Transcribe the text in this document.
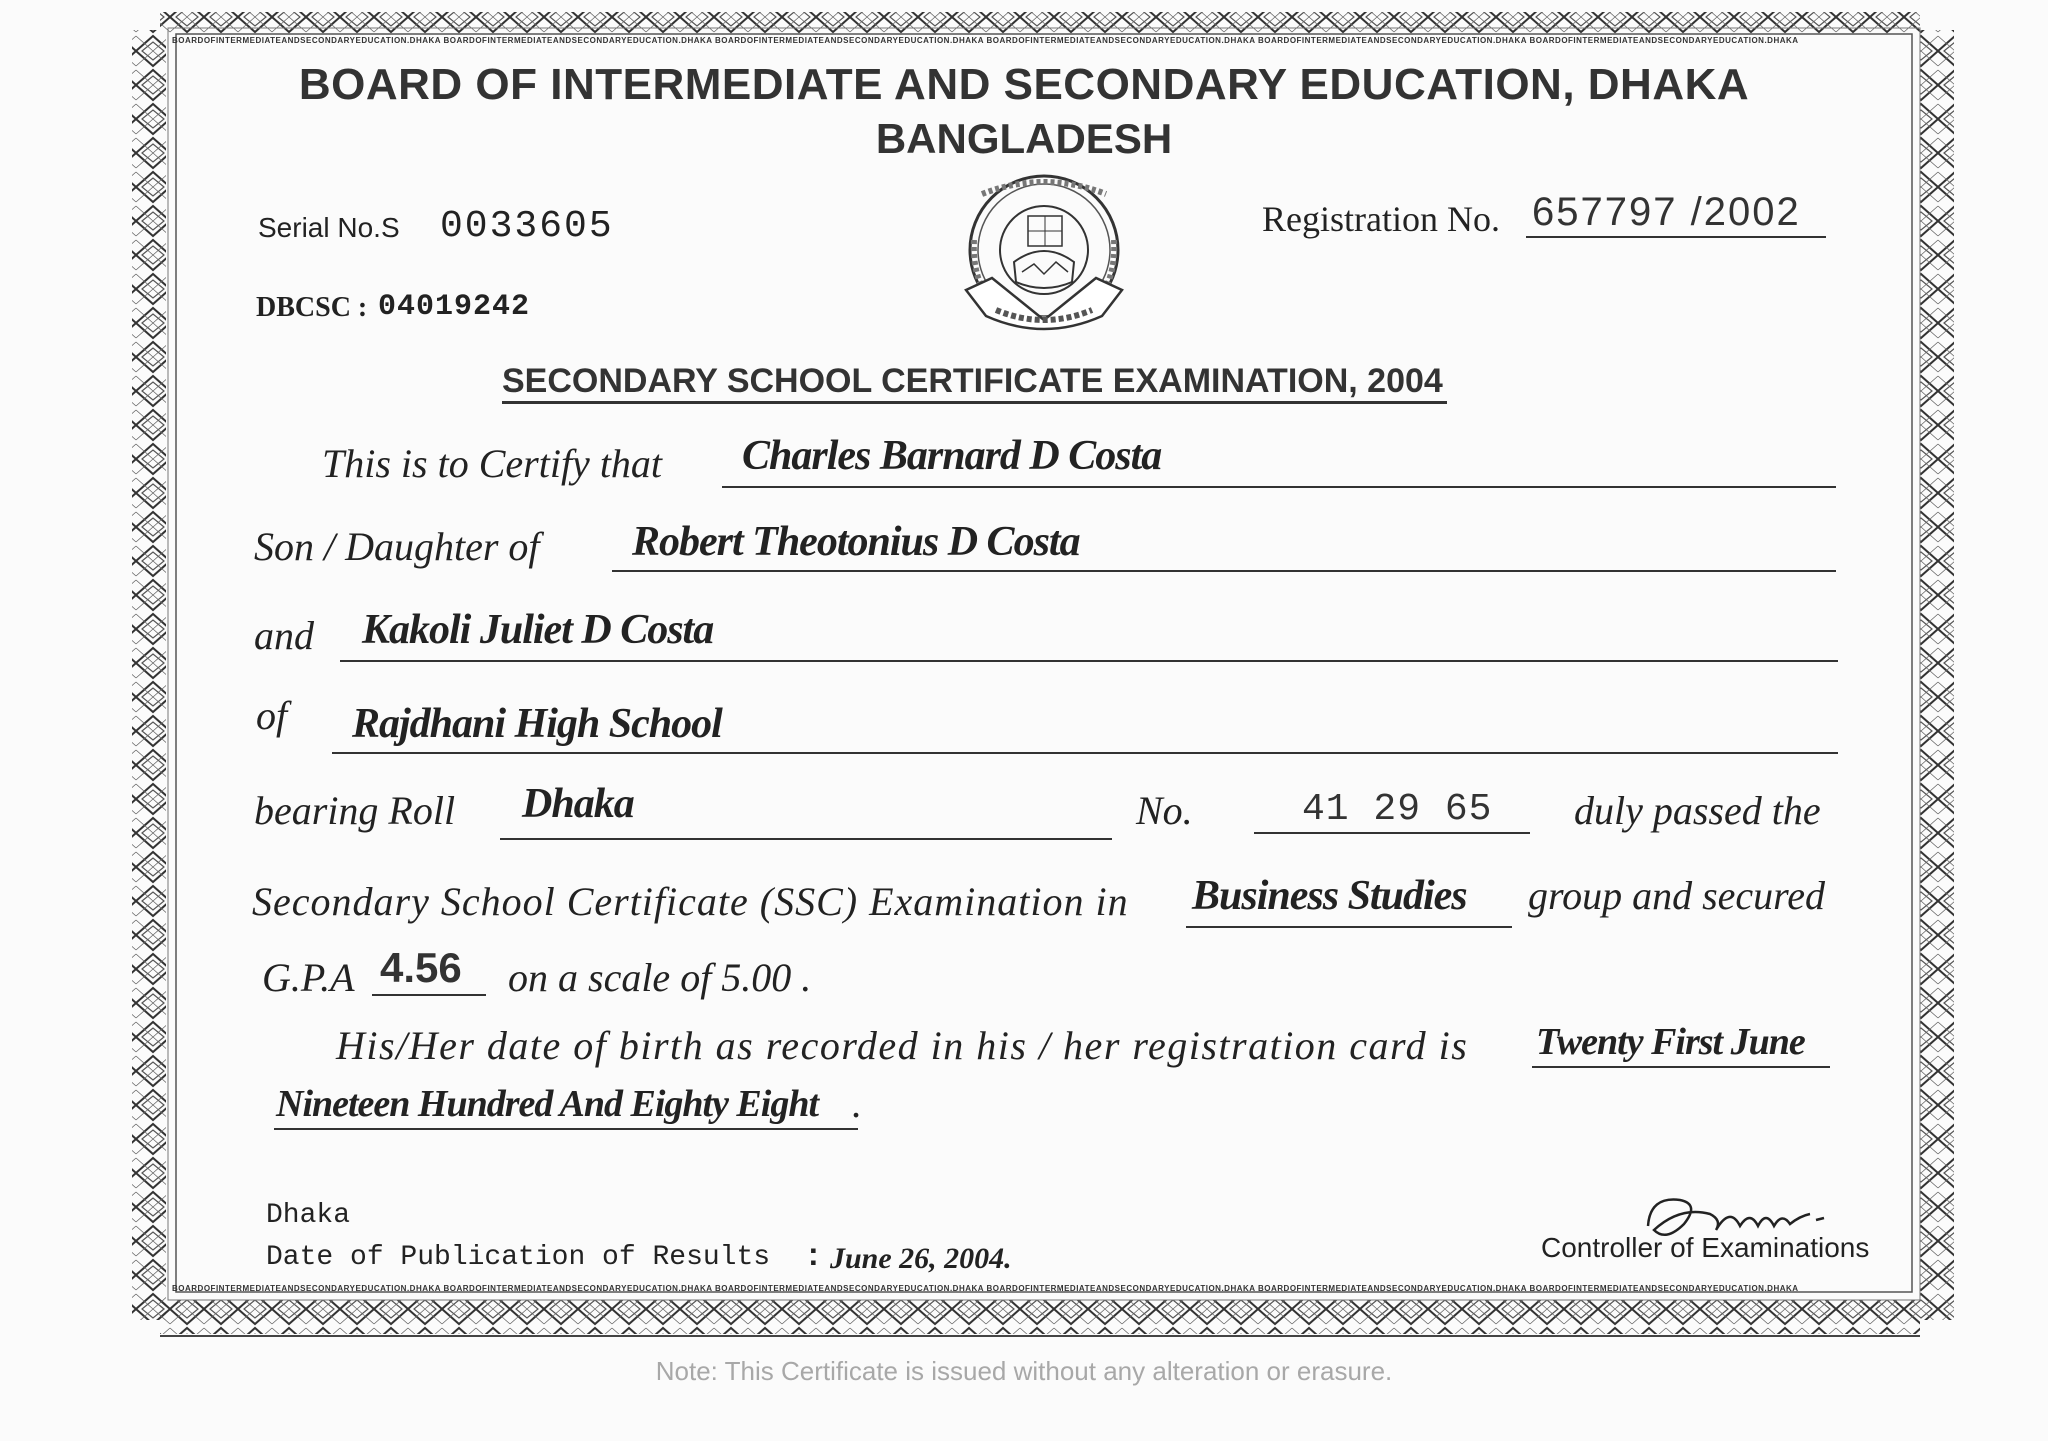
BOARDOFINTERMEDIATEANDSECONDARYEDUCATION.DHAKA BOARDOFINTERMEDIATEANDSECONDARYEDUCATION.DHAKA BOARDOFINTERMEDIATEANDSECONDARYEDUCATION.DHAKA BOARDOFINTERMEDIATEANDSECONDARYEDUCATION.DHAKA BOARDOFINTERMEDIATEANDSECONDARYEDUCATION.DHAKA BOARDOFINTERMEDIATEANDSECONDARYEDUCATION.DHAKA
BOARDOFINTERMEDIATEANDSECONDARYEDUCATION.DHAKA BOARDOFINTERMEDIATEANDSECONDARYEDUCATION.DHAKA BOARDOFINTERMEDIATEANDSECONDARYEDUCATION.DHAKA BOARDOFINTERMEDIATEANDSECONDARYEDUCATION.DHAKA BOARDOFINTERMEDIATEANDSECONDARYEDUCATION.DHAKA BOARDOFINTERMEDIATEANDSECONDARYEDUCATION.DHAKA
BOARD OF INTERMEDIATE AND SECONDARY EDUCATION, DHAKA
BANGLADESH
Serial No.S 0033605
DBCSC : 04019242
Registration No. 657797 /2002
SECONDARY SCHOOL CERTIFICATE EXAMINATION, 2004
This is to Certify that Charles Barnard D Costa
Son / Daughter of Robert Theotonius D Costa
and Kakoli Juliet D Costa
of Rajdhani High School
bearing Roll Dhaka	No.	41 29 65 duly passed the
Secondary School Certificate (SSC) Examination in Business Studies group and secured
G.P.A 4.56 on a scale of 5.00 .
His/Her date of birth as recorded in his / her registration card is Twenty First June
Nineteen Hundred And Eighty Eight .
Dhaka
Date of Publication of Results : June 26, 2004.	Controller of Examinations
Note: This Certificate is issued without any alteration or erasure.
